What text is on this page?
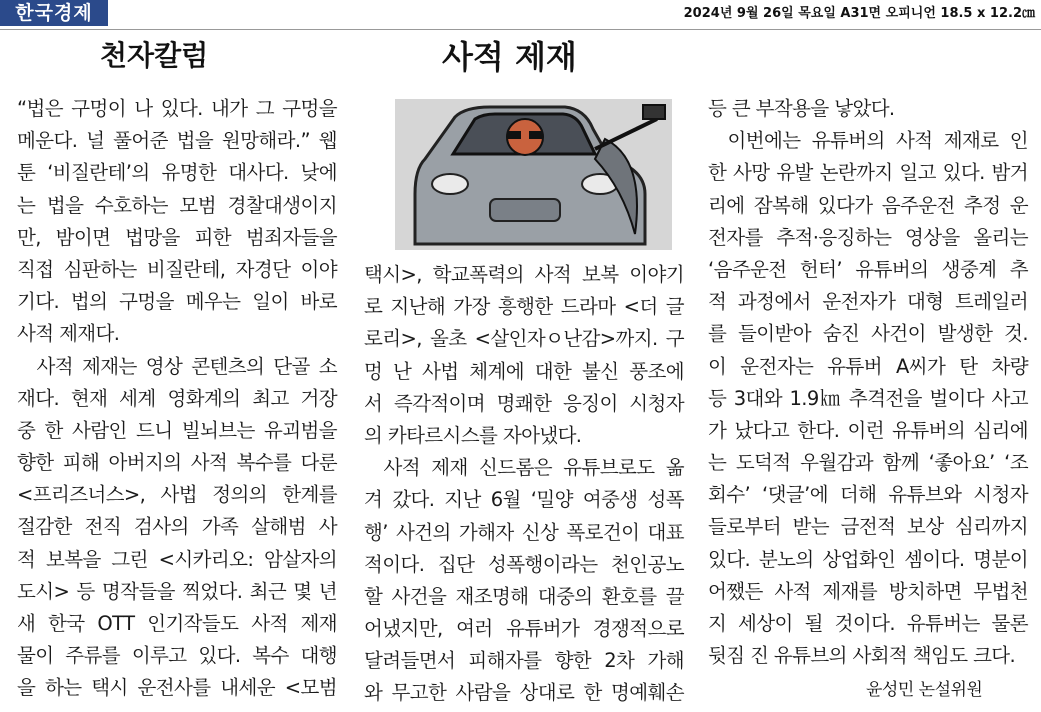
한국경제	2024년 9월 26일 목요일 A31면 오피니언 18.5 x 12.2㎝
천자칼럼	사적 제재
“법은 구멍이 나 있다. 내가 그 구멍을
메운다. 널 풀어준 법을 원망해라.” 웹
툰 ‘비질란테’의 유명한 대사다. 낮에
는 법을 수호하는 모범 경찰대생이지
만, 밤이면 법망을 피한 범죄자들을
직접 심판하는 비질란테, 자경단 이야
기다. 법의 구멍을 메우는 일이 바로
사적 제재다.
사적 제재는 영상 콘텐츠의 단골 소
재다. 현재 세계 영화계의 최고 거장
중 한 사람인 드니 빌뇌브는 유괴범을
향한 피해 아버지의 사적 복수를 다룬
<프리즈너스>, 사법 정의의 한계를
절감한 전직 검사의 가족 살해범 사
적 보복을 그린 <시카리오: 암살자의
도시> 등 명작들을 찍었다. 최근 몇 년
새 한국 OTT 인기작들도 사적 제재
물이 주류를 이루고 있다. 복수 대행
을 하는 택시 운전사를 내세운 <모범
택시>, 학교폭력의 사적 보복 이야기
로 지난해 가장 흥행한 드라마 <더 글
로리>, 올초 <살인자ㅇ난감>까지. 구
멍 난 사법 체계에 대한 불신 풍조에
서 즉각적이며 명쾌한 응징이 시청자
의 카타르시스를 자아냈다.
사적 제재 신드롬은 유튜브로도 옮
겨 갔다. 지난 6월 ‘밀양 여중생 성폭
행’ 사건의 가해자 신상 폭로건이 대표
적이다. 집단 성폭행이라는 천인공노
할 사건을 재조명해 대중의 환호를 끌
어냈지만, 여러 유튜버가 경쟁적으로
달려들면서 피해자를 향한 2차 가해
와 무고한 사람을 상대로 한 명예훼손
등 큰 부작용을 낳았다.
이번에는 유튜버의 사적 제재로 인
한 사망 유발 논란까지 일고 있다. 밤거
리에 잠복해 있다가 음주운전 추정 운
전자를 추적·응징하는 영상을 올리는
‘음주운전 헌터’ 유튜버의 생중계 추
적 과정에서 운전자가 대형 트레일러
를 들이받아 숨진 사건이 발생한 것.
이 운전자는 유튜버 A씨가 탄 차량
등 3대와 1.9㎞ 추격전을 벌이다 사고
가 났다고 한다. 이런 유튜버의 심리에
는 도덕적 우월감과 함께 ‘좋아요’ ‘조
회수’ ‘댓글’에 더해 유튜브와 시청자
들로부터 받는 금전적 보상 심리까지
있다. 분노의 상업화인 셈이다. 명분이
어쨌든 사적 제재를 방치하면 무법천
지 세상이 될 것이다. 유튜버는 물론
뒷짐 진 유튜브의 사회적 책임도 크다.
윤성민 논설위원
